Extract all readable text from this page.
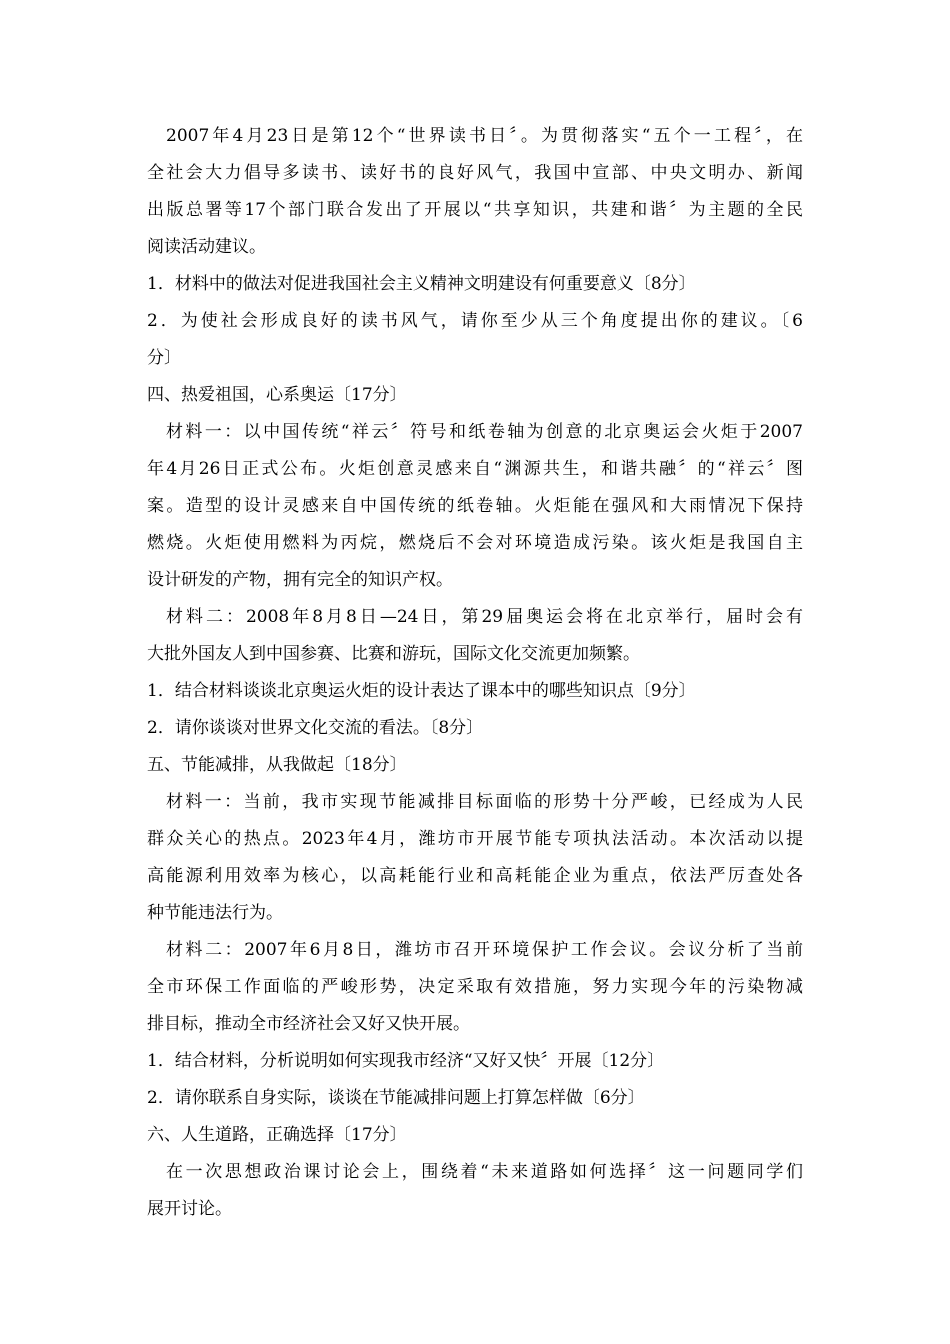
2007年4月23日是第12个“世界读书日〞。为贯彻落实“五个一工程〞，在
全社会大力倡导多读书、读好书的良好风气，我国中宣部、中央文明办、新闻
出版总署等17个部门联合发出了开展以“共享知识，共建和谐〞为主题的全民
阅读活动建议。
1．材料中的做法对促进我国社会主义精神文明建设有何重要意义〔8分〕
2．为使社会形成良好的读书风气，请你至少从三个角度提出你的建议。〔6
分〕
四、热爱祖国，心系奥运〔17分〕
材料一：以中国传统“祥云〞符号和纸卷轴为创意的北京奥运会火炬于2007
年4月26日正式公布。火炬创意灵感来自“渊源共生，和谐共融〞的“祥云〞图
案。造型的设计灵感来自中国传统的纸卷轴。火炬能在强风和大雨情况下保持
燃烧。火炬使用燃料为丙烷，燃烧后不会对环境造成污染。该火炬是我国自主
设计研发的产物，拥有完全的知识产权。
材料二：2008年8月8日—24日，第29届奥运会将在北京举行，届时会有
大批外国友人到中国参赛、比赛和游玩，国际文化交流更加频繁。
1．结合材料谈谈北京奥运火炬的设计表达了课本中的哪些知识点〔9分〕
2．请你谈谈对世界文化交流的看法。〔8分〕
五、节能减排，从我做起〔18分〕
材料一：当前，我市实现节能减排目标面临的形势十分严峻，已经成为人民
群众关心的热点。2023年4月，潍坊市开展节能专项执法活动。本次活动以提
高能源利用效率为核心，以高耗能行业和高耗能企业为重点，依法严厉查处各
种节能违法行为。
材料二：2007年6月8日，潍坊市召开环境保护工作会议。会议分析了当前
全市环保工作面临的严峻形势，决定采取有效措施，努力实现今年的污染物减
排目标，推动全市经济社会又好又快开展。
1．结合材料，分析说明如何实现我市经济“又好又快〞开展〔12分〕
2．请你联系自身实际，谈谈在节能减排问题上打算怎样做〔6分〕
六、人生道路，正确选择〔17分〕
在一次思想政治课讨论会上，围绕着“未来道路如何选择〞这一问题同学们
展开讨论。
